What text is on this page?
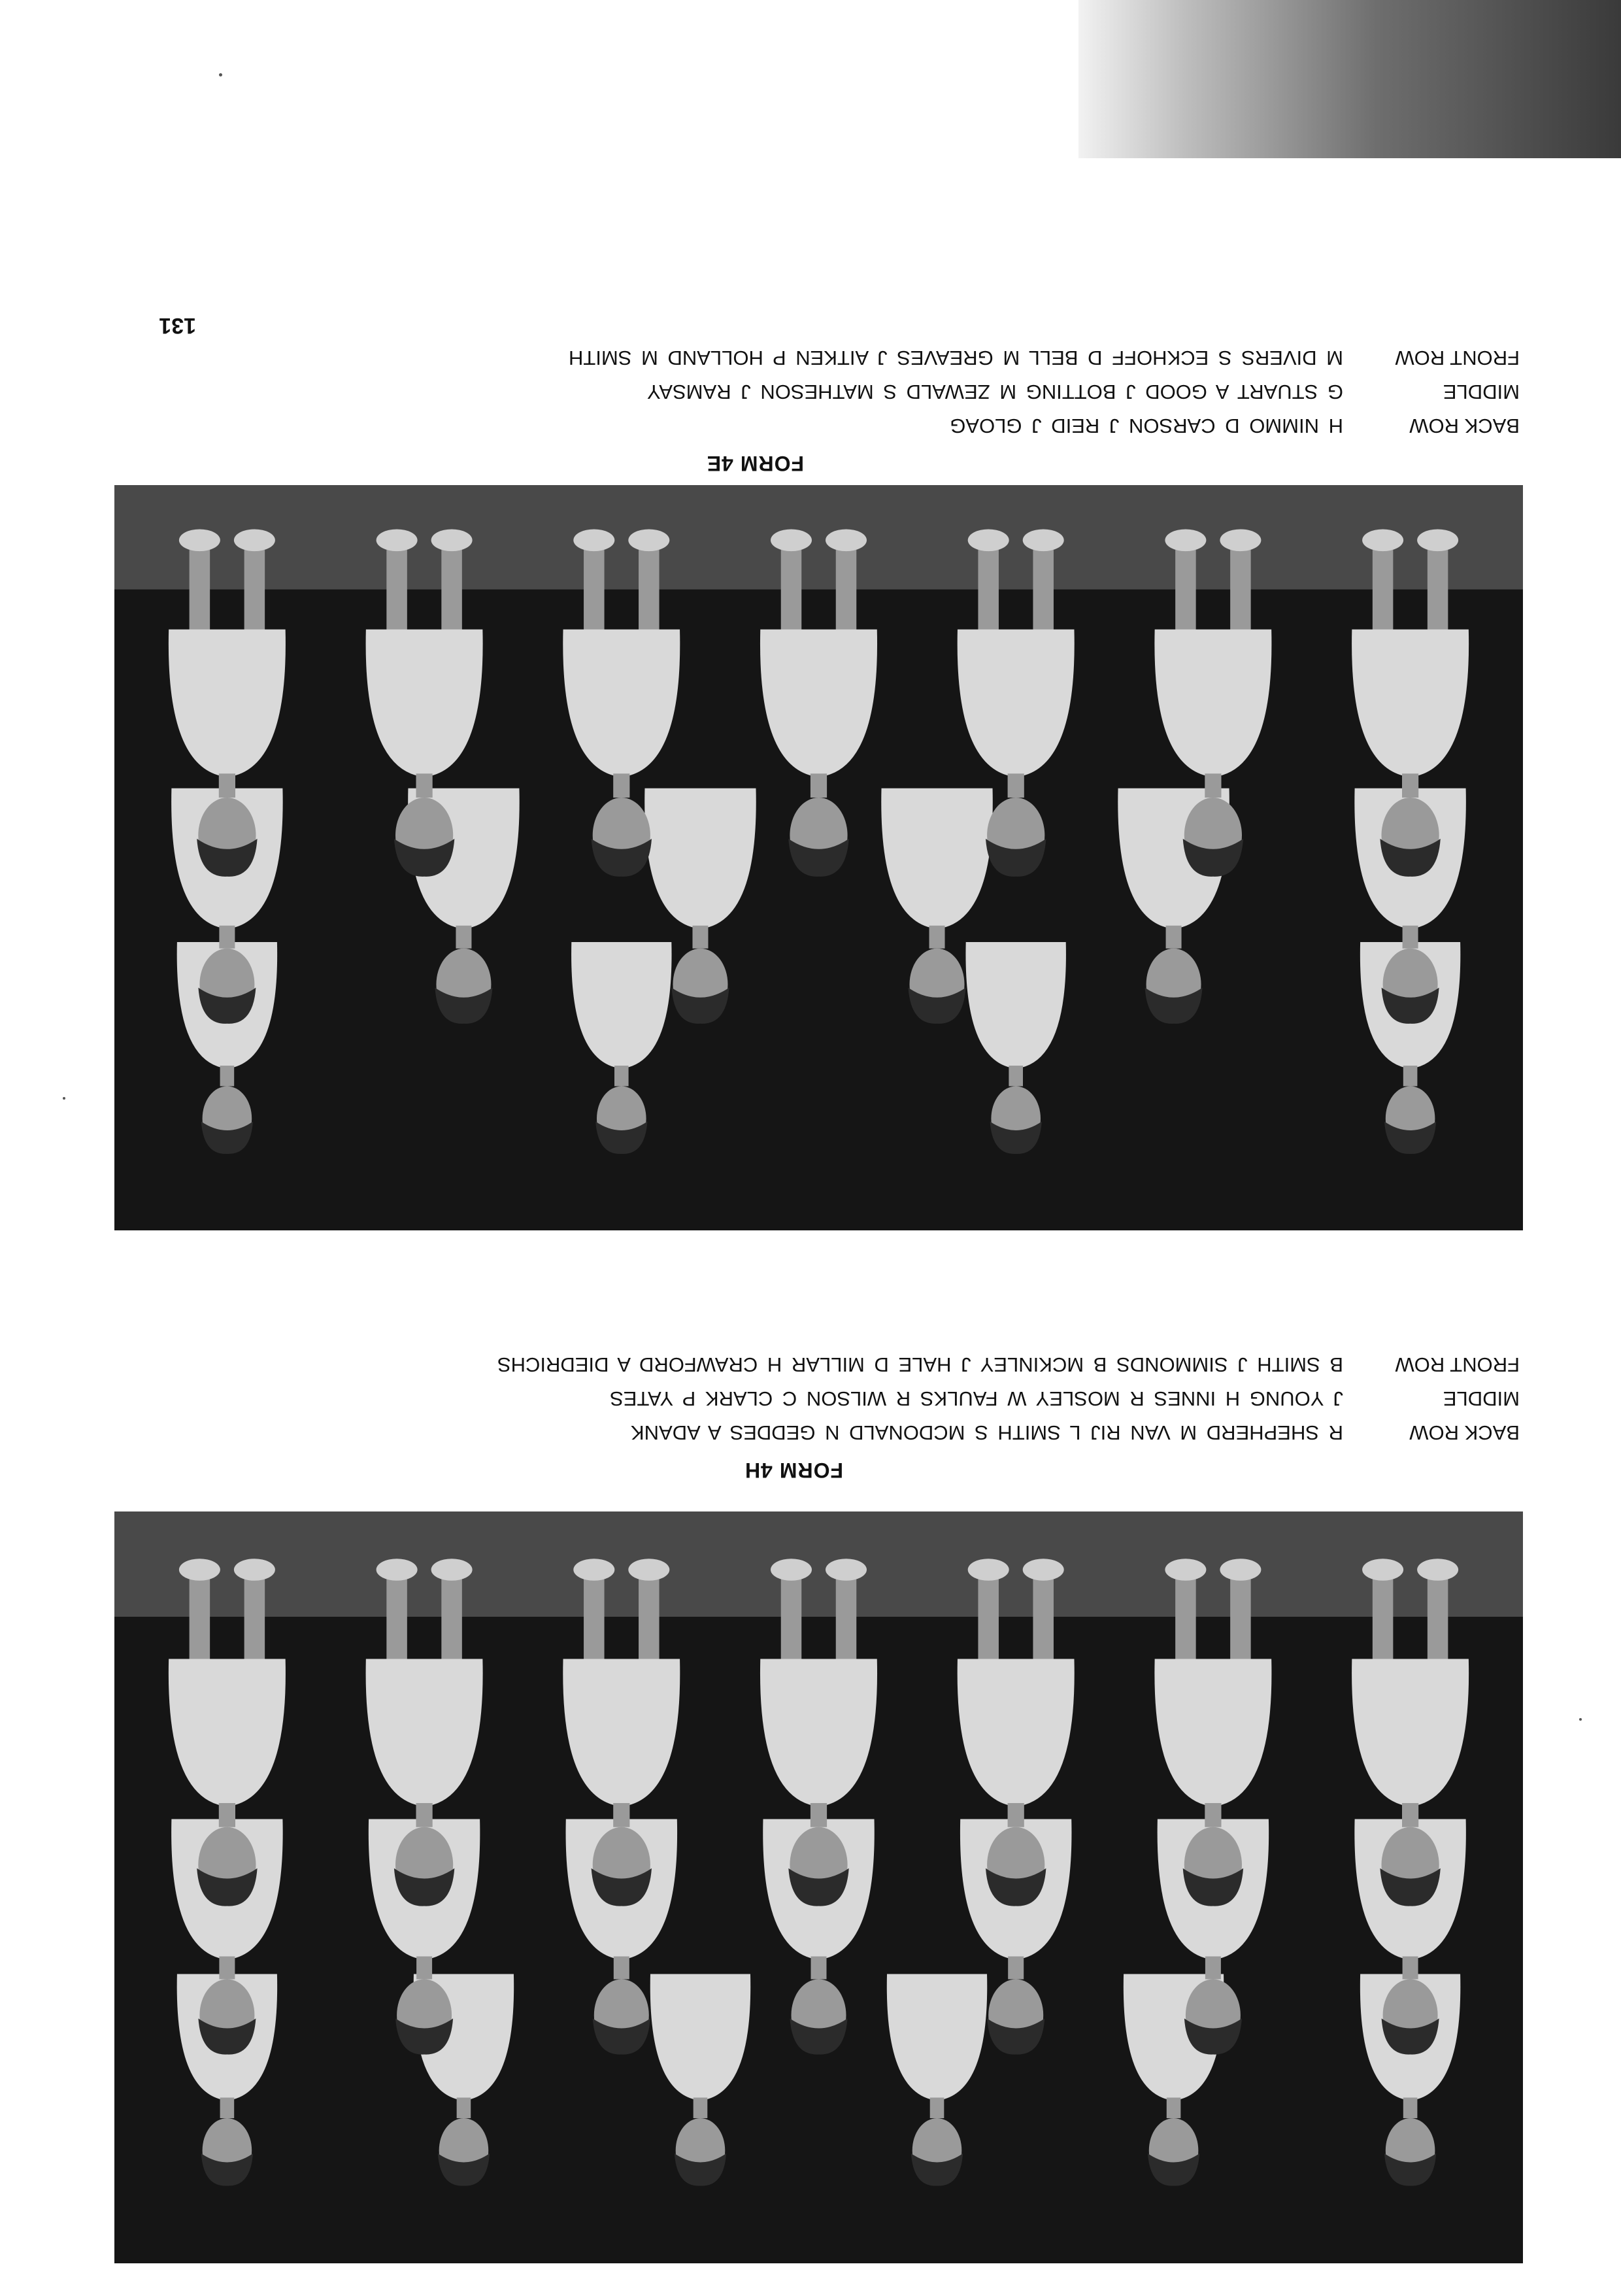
FORM 4H
BACK ROW
R SHEPHERD M VAN RIJ L SMITH S MCDONALD N GEDDES A ADANK
MIDDLE
J YOUNG H INNES R MOSLEY W FAULKS R WILSON C CLARK P YATES
FRONT ROW
B SMITH J SIMMONDS B MCKINLEY J HALE D MILLAR H CRAWFORD A DIEDRICHS
FORM 4E
BACK ROW
H NIMMO D CARSON J REID J GLOAG
MIDDLE
G STUART A GOOD J BOTTING M ZEWALD S MATHESON J RAMSAY
FRONT ROW
M DIVERS S ECKHOFF D BELL M GREAVES J AITKEN P HOLLAND M SMITH
131
